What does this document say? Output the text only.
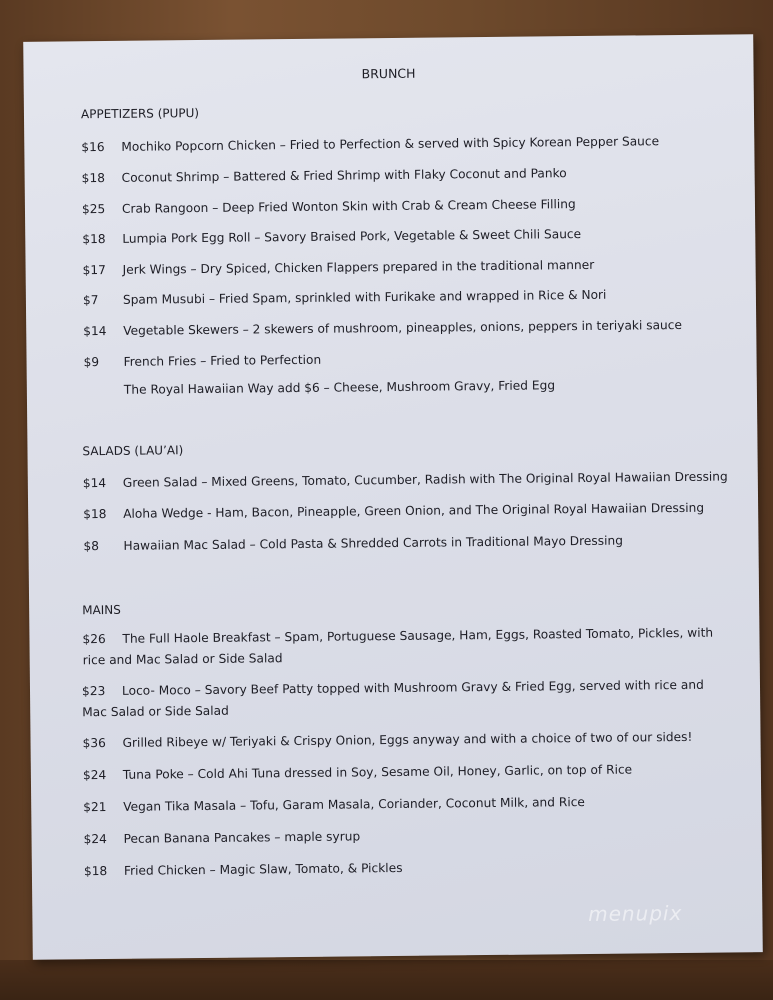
BRUNCH
APPETIZERS (PUPU)
$16	Mochiko Popcorn Chicken – Fried to Perfection & served with Spicy Korean Pepper Sauce
$18	Coconut Shrimp – Battered & Fried Shrimp with Flaky Coconut and Panko
$25	Crab Rangoon – Deep Fried Wonton Skin with Crab & Cream Cheese Filling
$18	Lumpia Pork Egg Roll – Savory Braised Pork, Vegetable & Sweet Chili Sauce
$17	Jerk Wings – Dry Spiced, Chicken Flappers prepared in the traditional manner
$7	Spam Musubi – Fried Spam, sprinkled with Furikake and wrapped in Rice & Nori
$14	Vegetable Skewers – 2 skewers of mushroom, pineapples, onions, peppers in teriyaki sauce
$9	French Fries – Fried to Perfection
The Royal Hawaiian Way add $6 – Cheese, Mushroom Gravy, Fried Egg
SALADS (LAU’AI)
$14	Green Salad – Mixed Greens, Tomato, Cucumber, Radish with The Original Royal Hawaiian Dressing
$18	Aloha Wedge - Ham, Bacon, Pineapple, Green Onion, and The Original Royal Hawaiian Dressing
$8	Hawaiian Mac Salad – Cold Pasta & Shredded Carrots in Traditional Mayo Dressing
MAINS
$26 The Full Haole Breakfast – Spam, Portuguese Sausage, Ham, Eggs, Roasted Tomato, Pickles, with rice and Mac Salad or Side Salad
$23 Loco- Moco – Savory Beef Patty topped with Mushroom Gravy & Fried Egg, served with rice and Mac Salad or Side Salad
$36	Grilled Ribeye w/ Teriyaki & Crispy Onion, Eggs anyway and with a choice of two of our sides!
$24	Tuna Poke – Cold Ahi Tuna dressed in Soy, Sesame Oil, Honey, Garlic, on top of Rice
$21	Vegan Tika Masala – Tofu, Garam Masala, Coriander, Coconut Milk, and Rice
$24	Pecan Banana Pancakes – maple syrup
$18	Fried Chicken – Magic Slaw, Tomato, & Pickles
menupix
